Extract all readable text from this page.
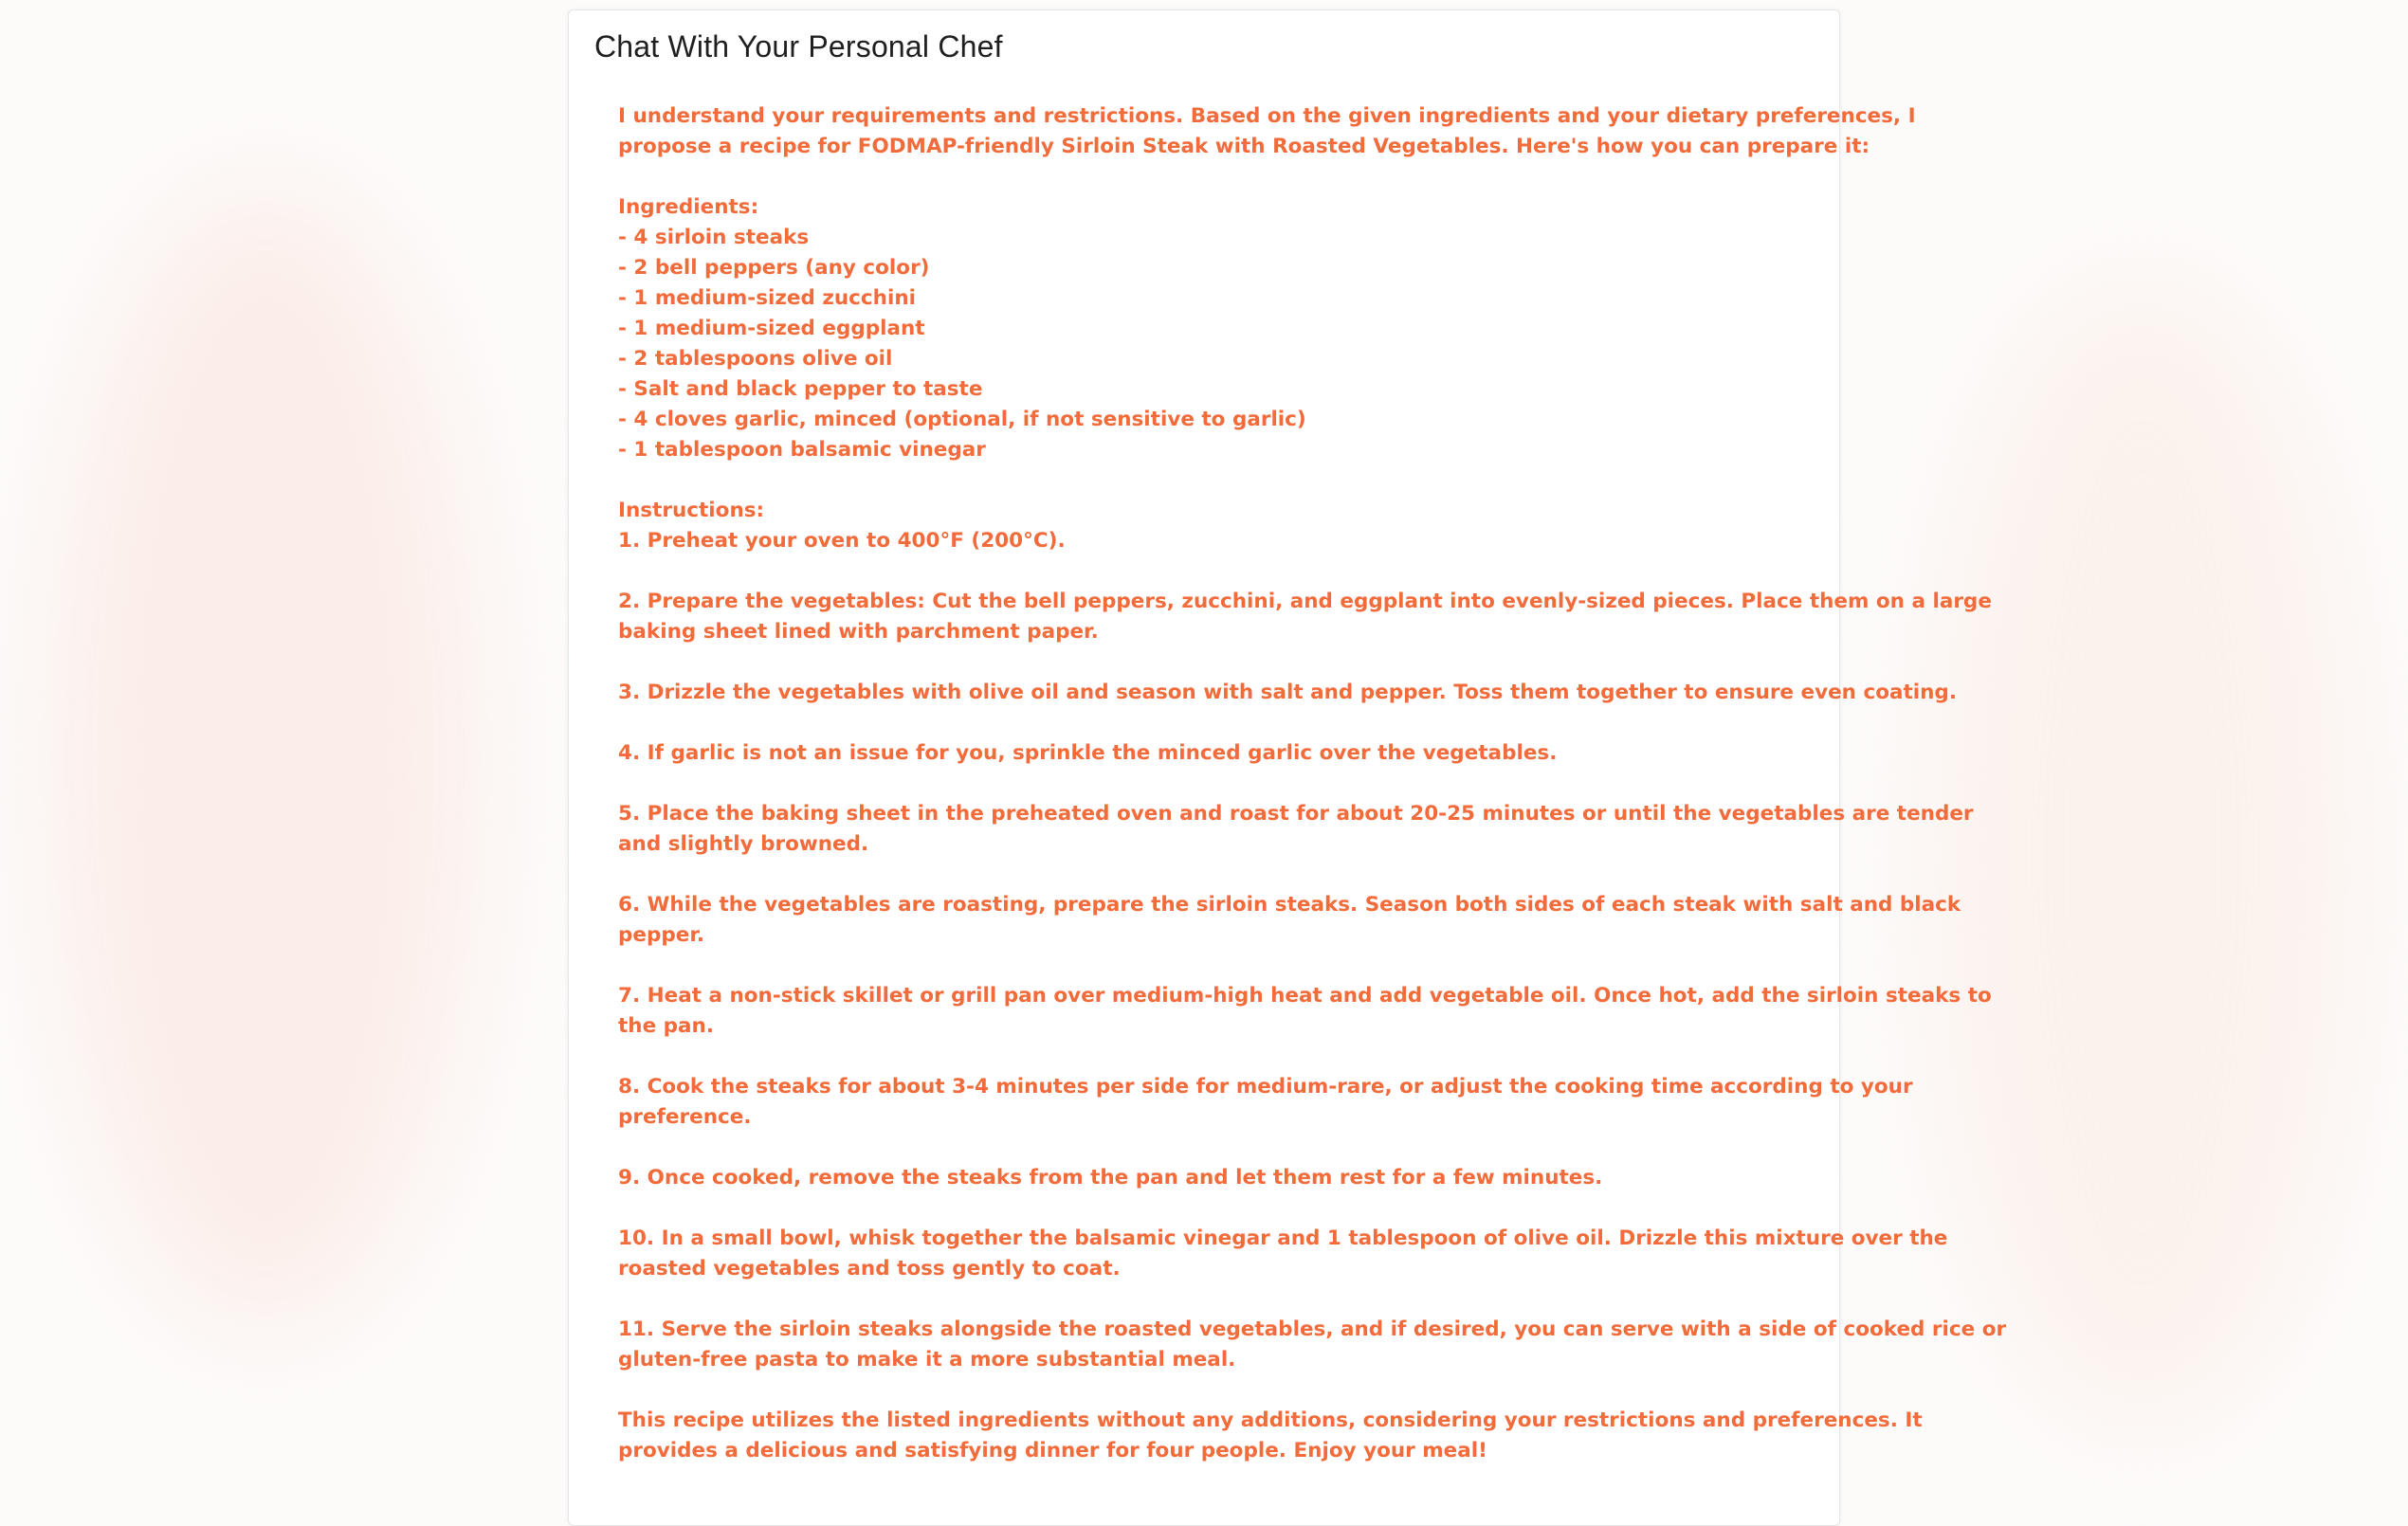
Chat With Your Personal Chef
I understand your requirements and restrictions. Based on the given ingredients and your dietary preferences, I
propose a recipe for FODMAP-friendly Sirloin Steak with Roasted Vegetables. Here's how you can prepare it:
Ingredients:
- 4 sirloin steaks
- 2 bell peppers (any color)
- 1 medium-sized zucchini
- 1 medium-sized eggplant
- 2 tablespoons olive oil
- Salt and black pepper to taste
- 4 cloves garlic, minced (optional, if not sensitive to garlic)
- 1 tablespoon balsamic vinegar
Instructions:
1. Preheat your oven to 400°F (200°C).
2. Prepare the vegetables: Cut the bell peppers, zucchini, and eggplant into evenly-sized pieces. Place them on a large
baking sheet lined with parchment paper.
3. Drizzle the vegetables with olive oil and season with salt and pepper. Toss them together to ensure even coating.
4. If garlic is not an issue for you, sprinkle the minced garlic over the vegetables.
5. Place the baking sheet in the preheated oven and roast for about 20-25 minutes or until the vegetables are tender
and slightly browned.
6. While the vegetables are roasting, prepare the sirloin steaks. Season both sides of each steak with salt and black
pepper.
7. Heat a non-stick skillet or grill pan over medium-high heat and add vegetable oil. Once hot, add the sirloin steaks to
the pan.
8. Cook the steaks for about 3-4 minutes per side for medium-rare, or adjust the cooking time according to your
preference.
9. Once cooked, remove the steaks from the pan and let them rest for a few minutes.
10. In a small bowl, whisk together the balsamic vinegar and 1 tablespoon of olive oil. Drizzle this mixture over the
roasted vegetables and toss gently to coat.
11. Serve the sirloin steaks alongside the roasted vegetables, and if desired, you can serve with a side of cooked rice or
gluten-free pasta to make it a more substantial meal.
This recipe utilizes the listed ingredients without any additions, considering your restrictions and preferences. It
provides a delicious and satisfying dinner for four people. Enjoy your meal!
